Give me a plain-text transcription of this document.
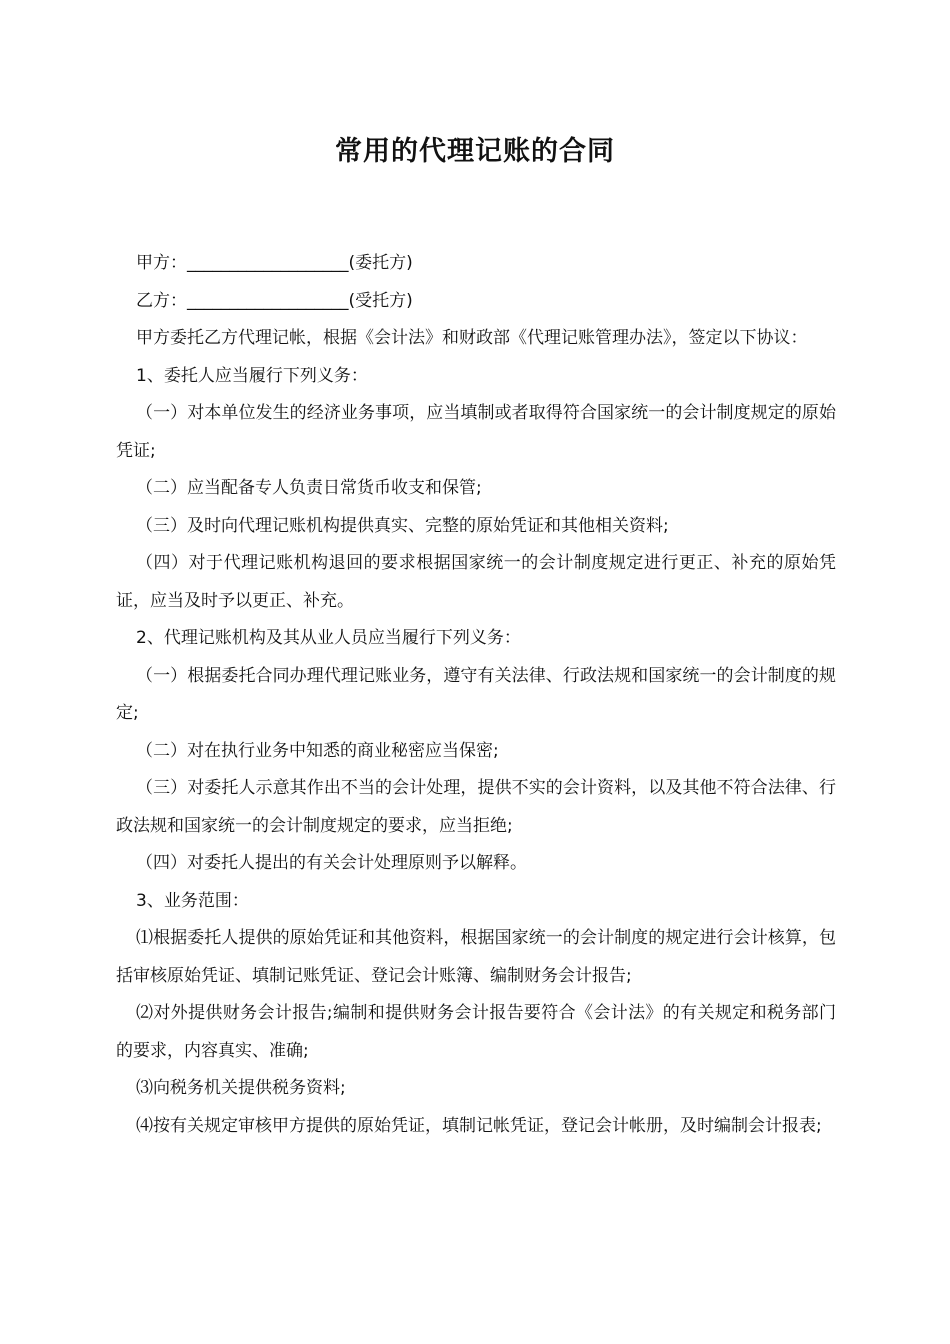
常用的代理记账的合同

甲方：___________________(委托方)

乙方：___________________(受托方)

甲方委托乙方代理记帐，根据《会计法》和财政部《代理记账管理办法》，签定以下协议：

1、委托人应当履行下列义务：

（一）对本单位发生的经济业务事项，应当填制或者取得符合国家统一的会计制度规定的原始凭证;

（二）应当配备专人负责日常货币收支和保管;

（三）及时向代理记账机构提供真实、完整的原始凭证和其他相关资料;

（四）对于代理记账机构退回的要求根据国家统一的会计制度规定进行更正、补充的原始凭证，应当及时予以更正、补充。

2、代理记账机构及其从业人员应当履行下列义务：

（一）根据委托合同办理代理记账业务，遵守有关法律、行政法规和国家统一的会计制度的规定;

（二）对在执行业务中知悉的商业秘密应当保密;

（三）对委托人示意其作出不当的会计处理，提供不实的会计资料，以及其他不符合法律、行政法规和国家统一的会计制度规定的要求，应当拒绝;

（四）对委托人提出的有关会计处理原则予以解释。

3、业务范围：

⑴根据委托人提供的原始凭证和其他资料，根据国家统一的会计制度的规定进行会计核算，包括审核原始凭证、填制记账凭证、登记会计账簿、编制财务会计报告;

⑵对外提供财务会计报告;编制和提供财务会计报告要符合《会计法》的有关规定和税务部门的要求，内容真实、准确;

⑶向税务机关提供税务资料;

⑷按有关规定审核甲方提供的原始凭证，填制记帐凭证，登记会计帐册，及时编制会计报表;
